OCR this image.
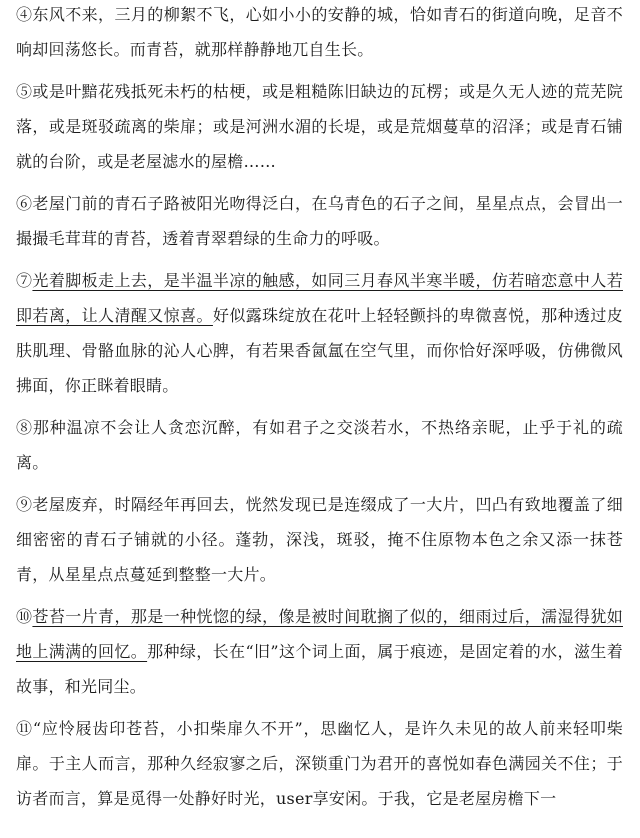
④东风不来，三月的柳絮不飞，心如小小的安静的城，恰如青石的街道向晚，足音不响却回荡悠长。而青苔，就那样静静地兀自生长。

⑤或是叶黯花残抵死未朽的枯梗，或是粗糙陈旧缺边的瓦楞；或是久无人迹的荒芜院落，或是斑驳疏离的柴扉；或是河洲水湄的长堤，或是荒烟蔓草的沼泽；或是青石铺就的台阶，或是老屋滤水的屋檐……

⑥老屋门前的青石子路被阳光吻得泛白，在乌青色的石子之间，星星点点，会冒出一撮撮毛茸茸的青苔，透着青翠碧绿的生命力的呼吸。

⑦光着脚板走上去，是半温半凉的触感，如同三月春风半寒半暖，仿若暗恋意中人若即若离，让人清醒又惊喜。好似露珠绽放在花叶上轻轻颤抖的卑微喜悦，那种透过皮肤肌理、骨骼血脉的沁人心脾，有若果香氤氲在空气里，而你恰好深呼吸，仿佛微风拂面，你正眯着眼睛。

⑧那种温凉不会让人贪恋沉醉，有如君子之交淡若水，不热络亲昵，止乎于礼的疏离。

⑨老屋废弃，时隔经年再回去，恍然发现已是连缀成了一大片，凹凸有致地覆盖了细细密密的青石子铺就的小径。蓬勃，深浅，斑驳，掩不住原物本色之余又添一抹苍青，从星星点点蔓延到整整一大片。

⑩苍苔一片青，那是一种恍惚的绿，像是被时间耽搁了似的，细雨过后，濡湿得犹如地上满满的回忆。那种绿，长在“旧”这个词上面，属于痕迹，是固定着的水，滋生着故事，和光同尘。

⑪“应怜屐齿印苍苔，小扣柴扉久不开”，思幽忆人，是许久未见的故人前来轻叩柴扉。于主人而言，那种久经寂寥之后，深锁重门为君开的喜悦如春色满园关不住；于访者而言，算是觅得一处静好时光，user享安闲。于我，它是老屋房檐下一
